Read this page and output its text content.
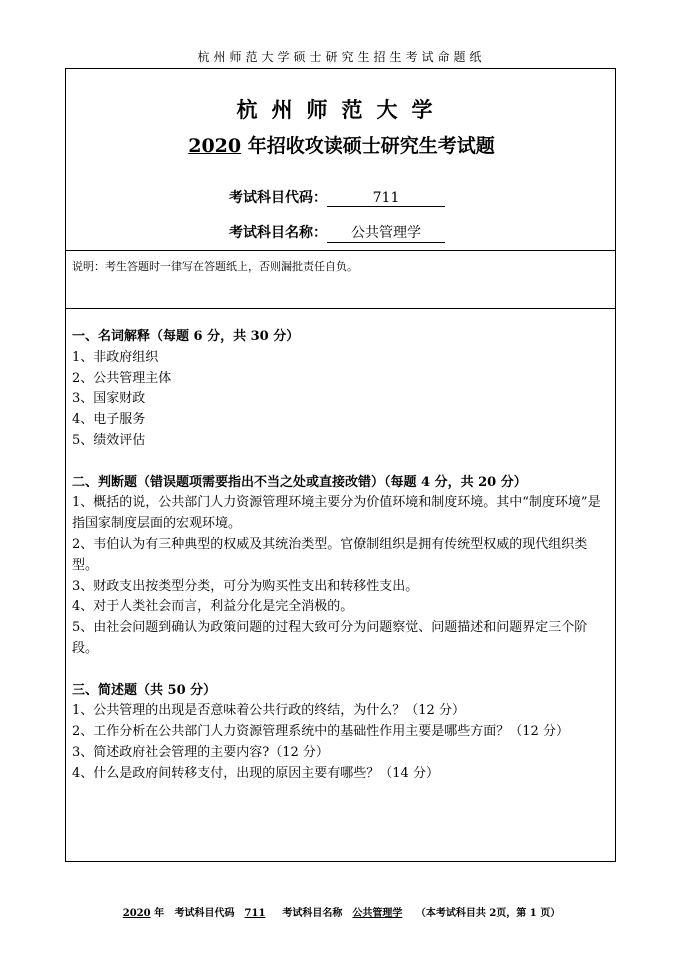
杭州师范大学硕士研究生招生考试命题纸
杭州师范大学
2020 年招收攻读硕士研究生考试题
考试科目代码：	711
考试科目名称： 公共管理学
说明：考生答题时一律写在答题纸上，否则漏批责任自负。

一、名词解释（每题 6 分，共 30 分）

1、非政府组织

2、公共管理主体

3、国家财政

4、电子服务

5、绩效评估

二、判断题（错误题项需要指出不当之处或直接改错）（每题 4 分，共 20 分）

1、概括的说，公共部门人力资源管理环境主要分为价值环境和制度环境。其中“制度环境”是指国家制度层面的宏观环境。

2、韦伯认为有三种典型的权威及其统治类型。官僚制组织是拥有传统型权威的现代组织类型。

3、财政支出按类型分类，可分为购买性支出和转移性支出。

4、对于人类社会而言，利益分化是完全消极的。

5、由社会问题到确认为政策问题的过程大致可分为问题察觉、问题描述和问题界定三个阶段。

三、简述题（共 50 分）

1、公共管理的出现是否意味着公共行政的终结，为什么？（12 分）

2、工作分析在公共部门人力资源管理系统中的基础性作用主要是哪些方面？（12 分）

3、简述政府社会管理的主要内容?（12 分）

4、什么是政府间转移支付，出现的原因主要有哪些？（14 分）

2020 年 考试科目代码 711 考试科目名称 公共管理学 （本考试科目共 2页，第 1 页）
